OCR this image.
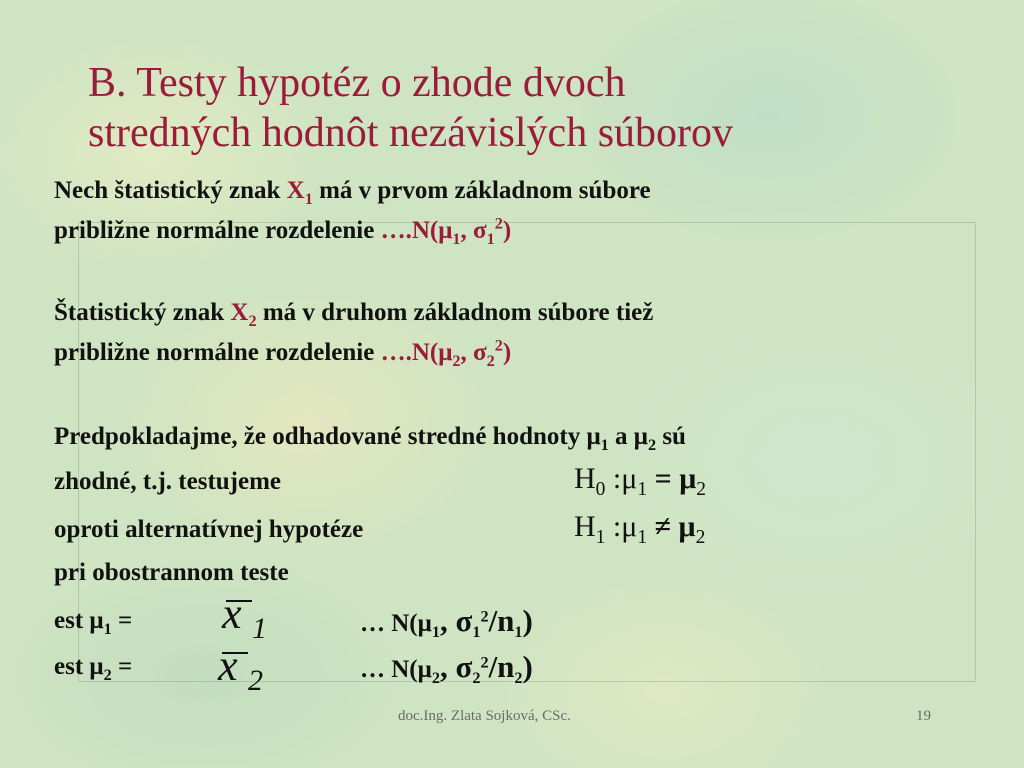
B. Testy hypotéz o zhode dvoch
stredných hodnôt nezávislých súborov
Nech štatistický znak $X_1$ má v prvom základnom súbore
približne normálne rozdelenie $\dots.N(\mu_1$, $\sigma_1^2$)
Štatistický znak $X_2$ má v druhom základnom súbore tiež
približne normálne rozdelenie $\dots.N(\mu_2$, $\sigma_2^2$)
Predpokladajme, že odhadované stredné hodnoty $\mu_1$ a $\mu_2$ sú
zhodné, t.j. testujeme	$H_0$ $:\mu_1 = \mu_2$
oproti alternatívnej hypotéze	$H_1$ $:\mu_1 \ne \mu_2$
pri obostrannom teste
est $\mu_1 = x$ 1	… $N(\mu_1$, $\sigma_1^2/n_1$)
est $\mu_2 = x$ 2	… $N(\mu_2$, $\sigma_2^2/n_2$)
doc.Ing. Zlata Sojková, CSc.	19
